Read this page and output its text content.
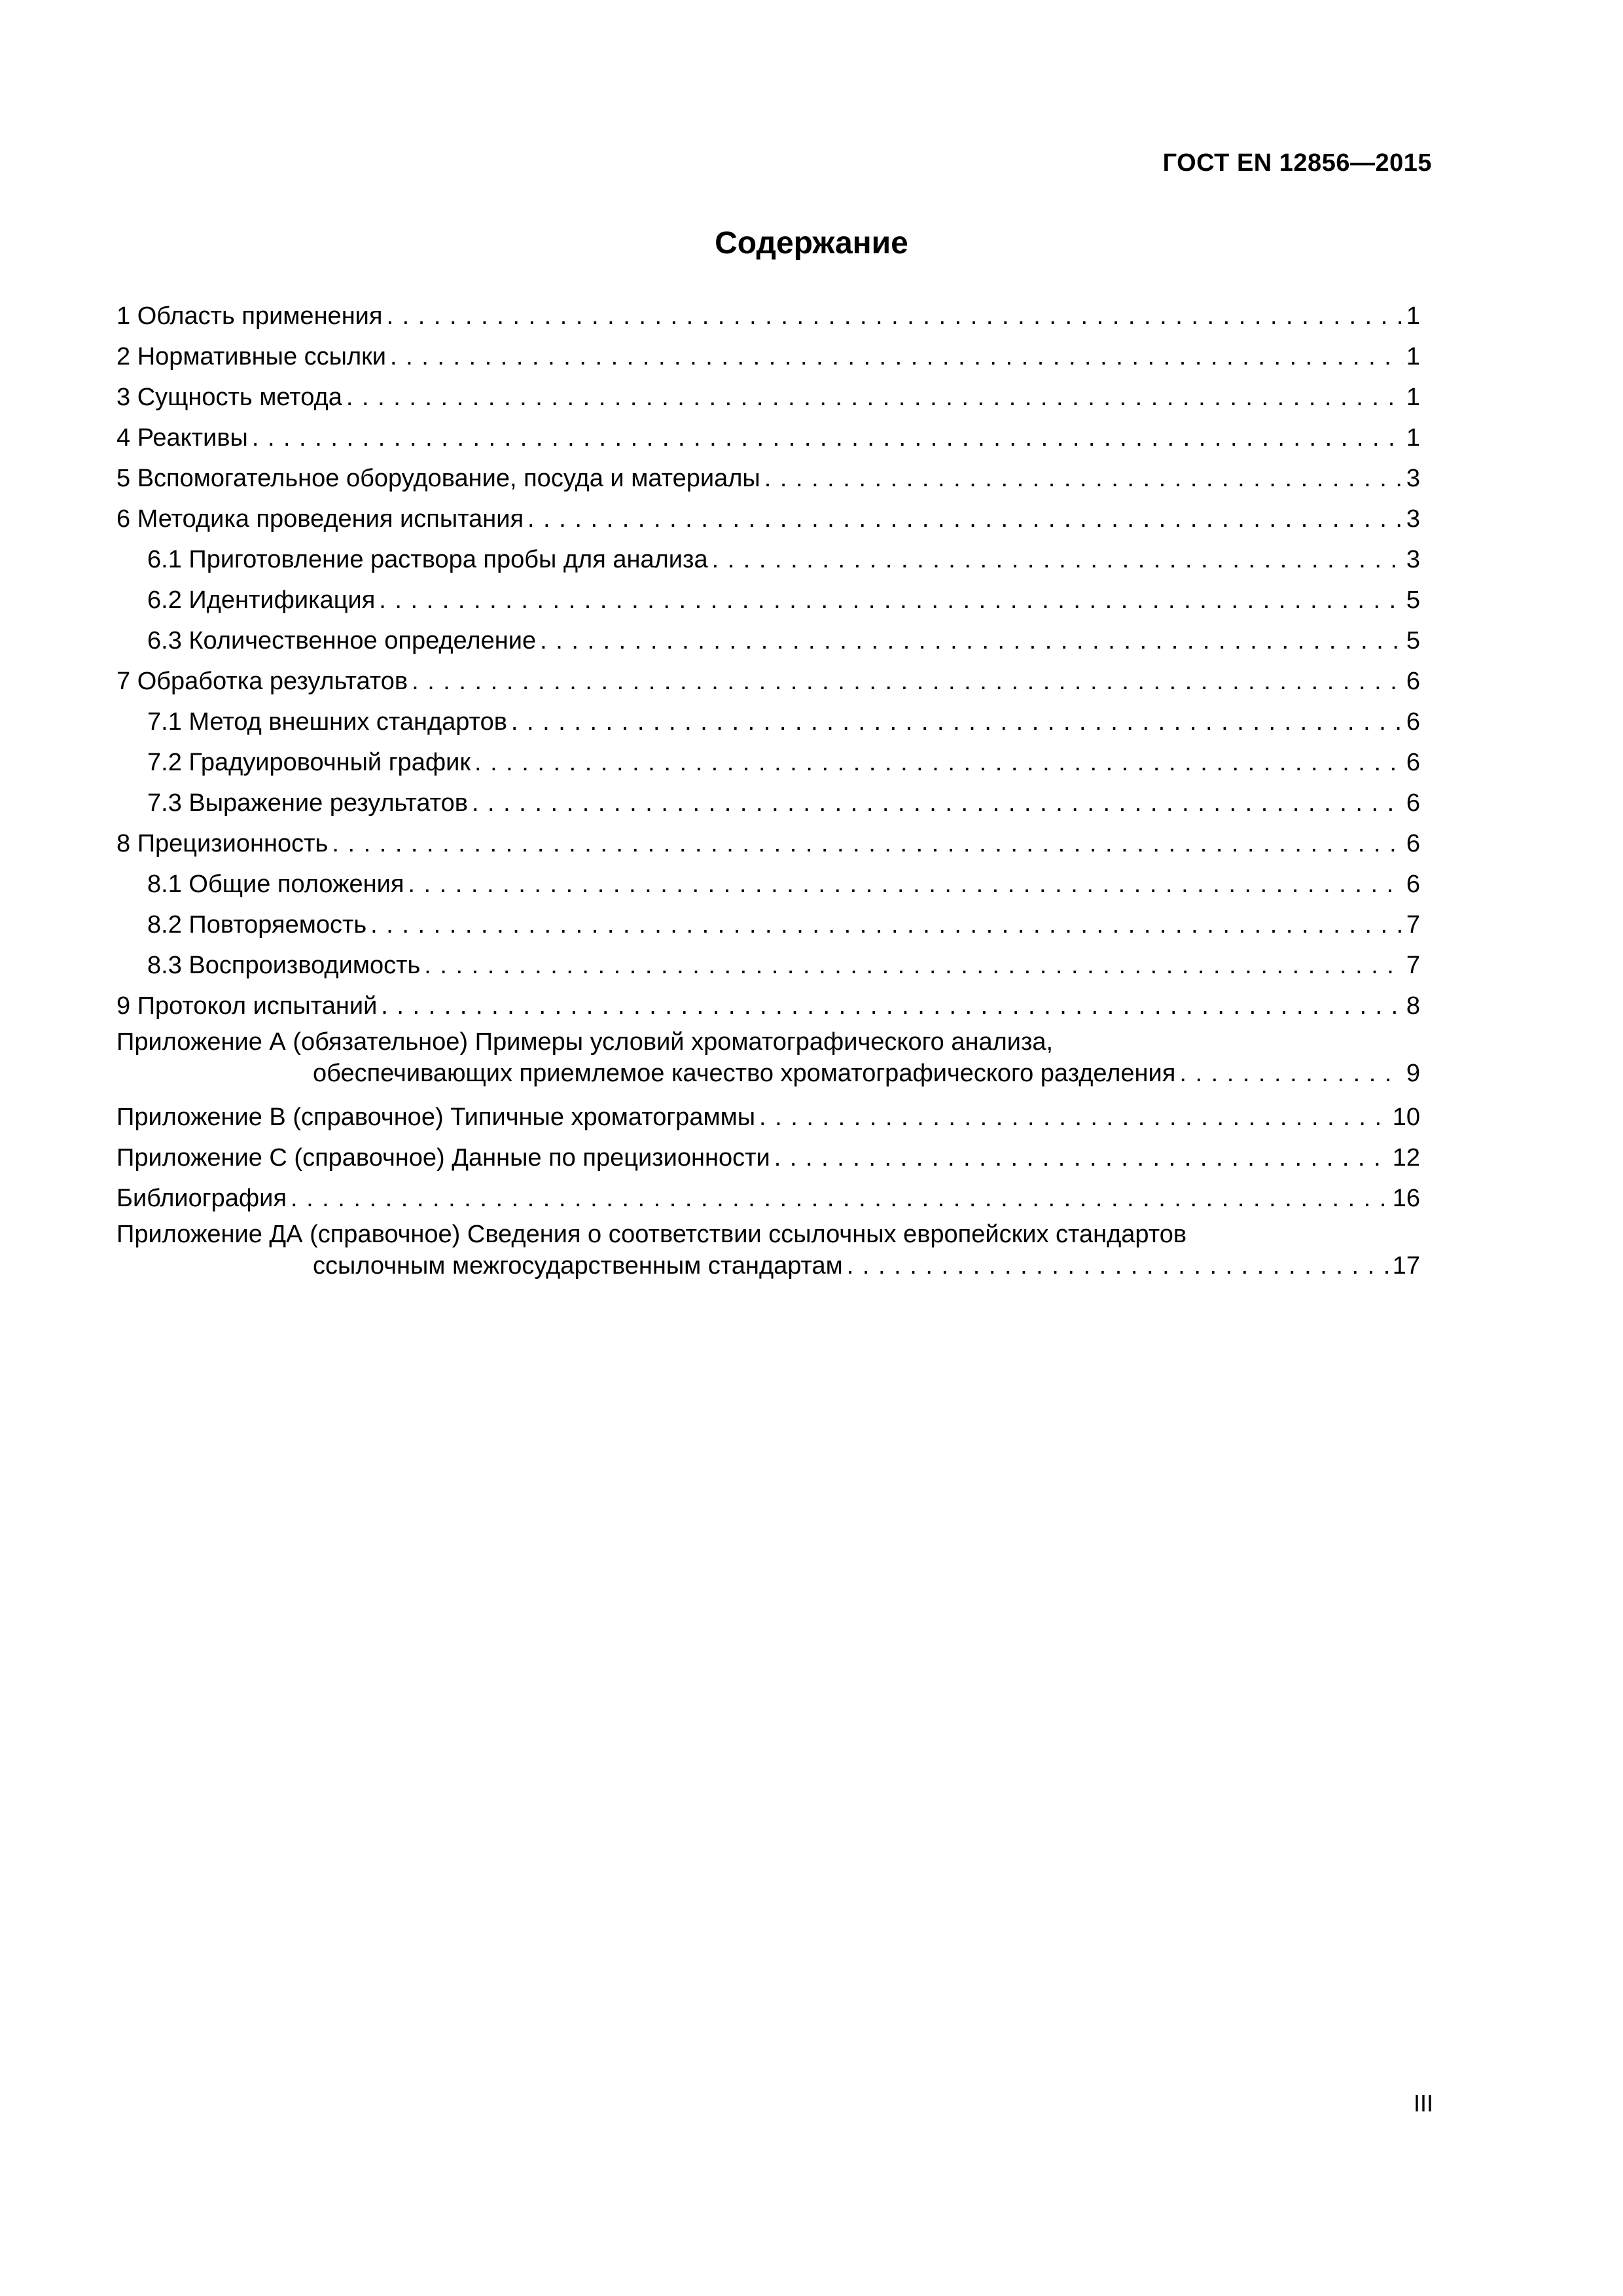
ГОСТ EN 12856—2015
Содержание
1 Область применения . . .	1
2 Нормативные ссылки . . .	1
3 Сущность метода . . .	1
4 Реактивы . . .	1
5 Вспомогательное оборудование, посуда и материалы . . .	3
6 Методика проведения испытания . . .	3
6.1 Приготовление раствора пробы для анализа . . .	3
6.2 Идентификация . . .	5
6.3 Количественное определение . . .	5
7 Обработка результатов . . .	6
7.1 Метод внешних стандартов . . .	6
7.2 Градуировочный график . . .	6
7.3 Выражение результатов . . .	6
8 Прецизионность . . .	6
8.1 Общие положения . . .	6
8.2 Повторяемость . . .	7
8.3 Воспроизводимость . . .	7
9 Протокол испытаний . . .	8
Приложение А (обязательное) Примеры условий хроматографического анализа,
обеспечивающих приемлемое качество хроматографического разделения . . .	9
Приложение В (справочное) Типичные хроматограммы . . .	10
Приложение С (справочное) Данные по прецизионности . . .	12
Библиография . . .	16
Приложение ДА (справочное) Сведения о соответствии ссылочных европейских стандартов
ссылочным межгосударственным стандартам . . .	17
III
